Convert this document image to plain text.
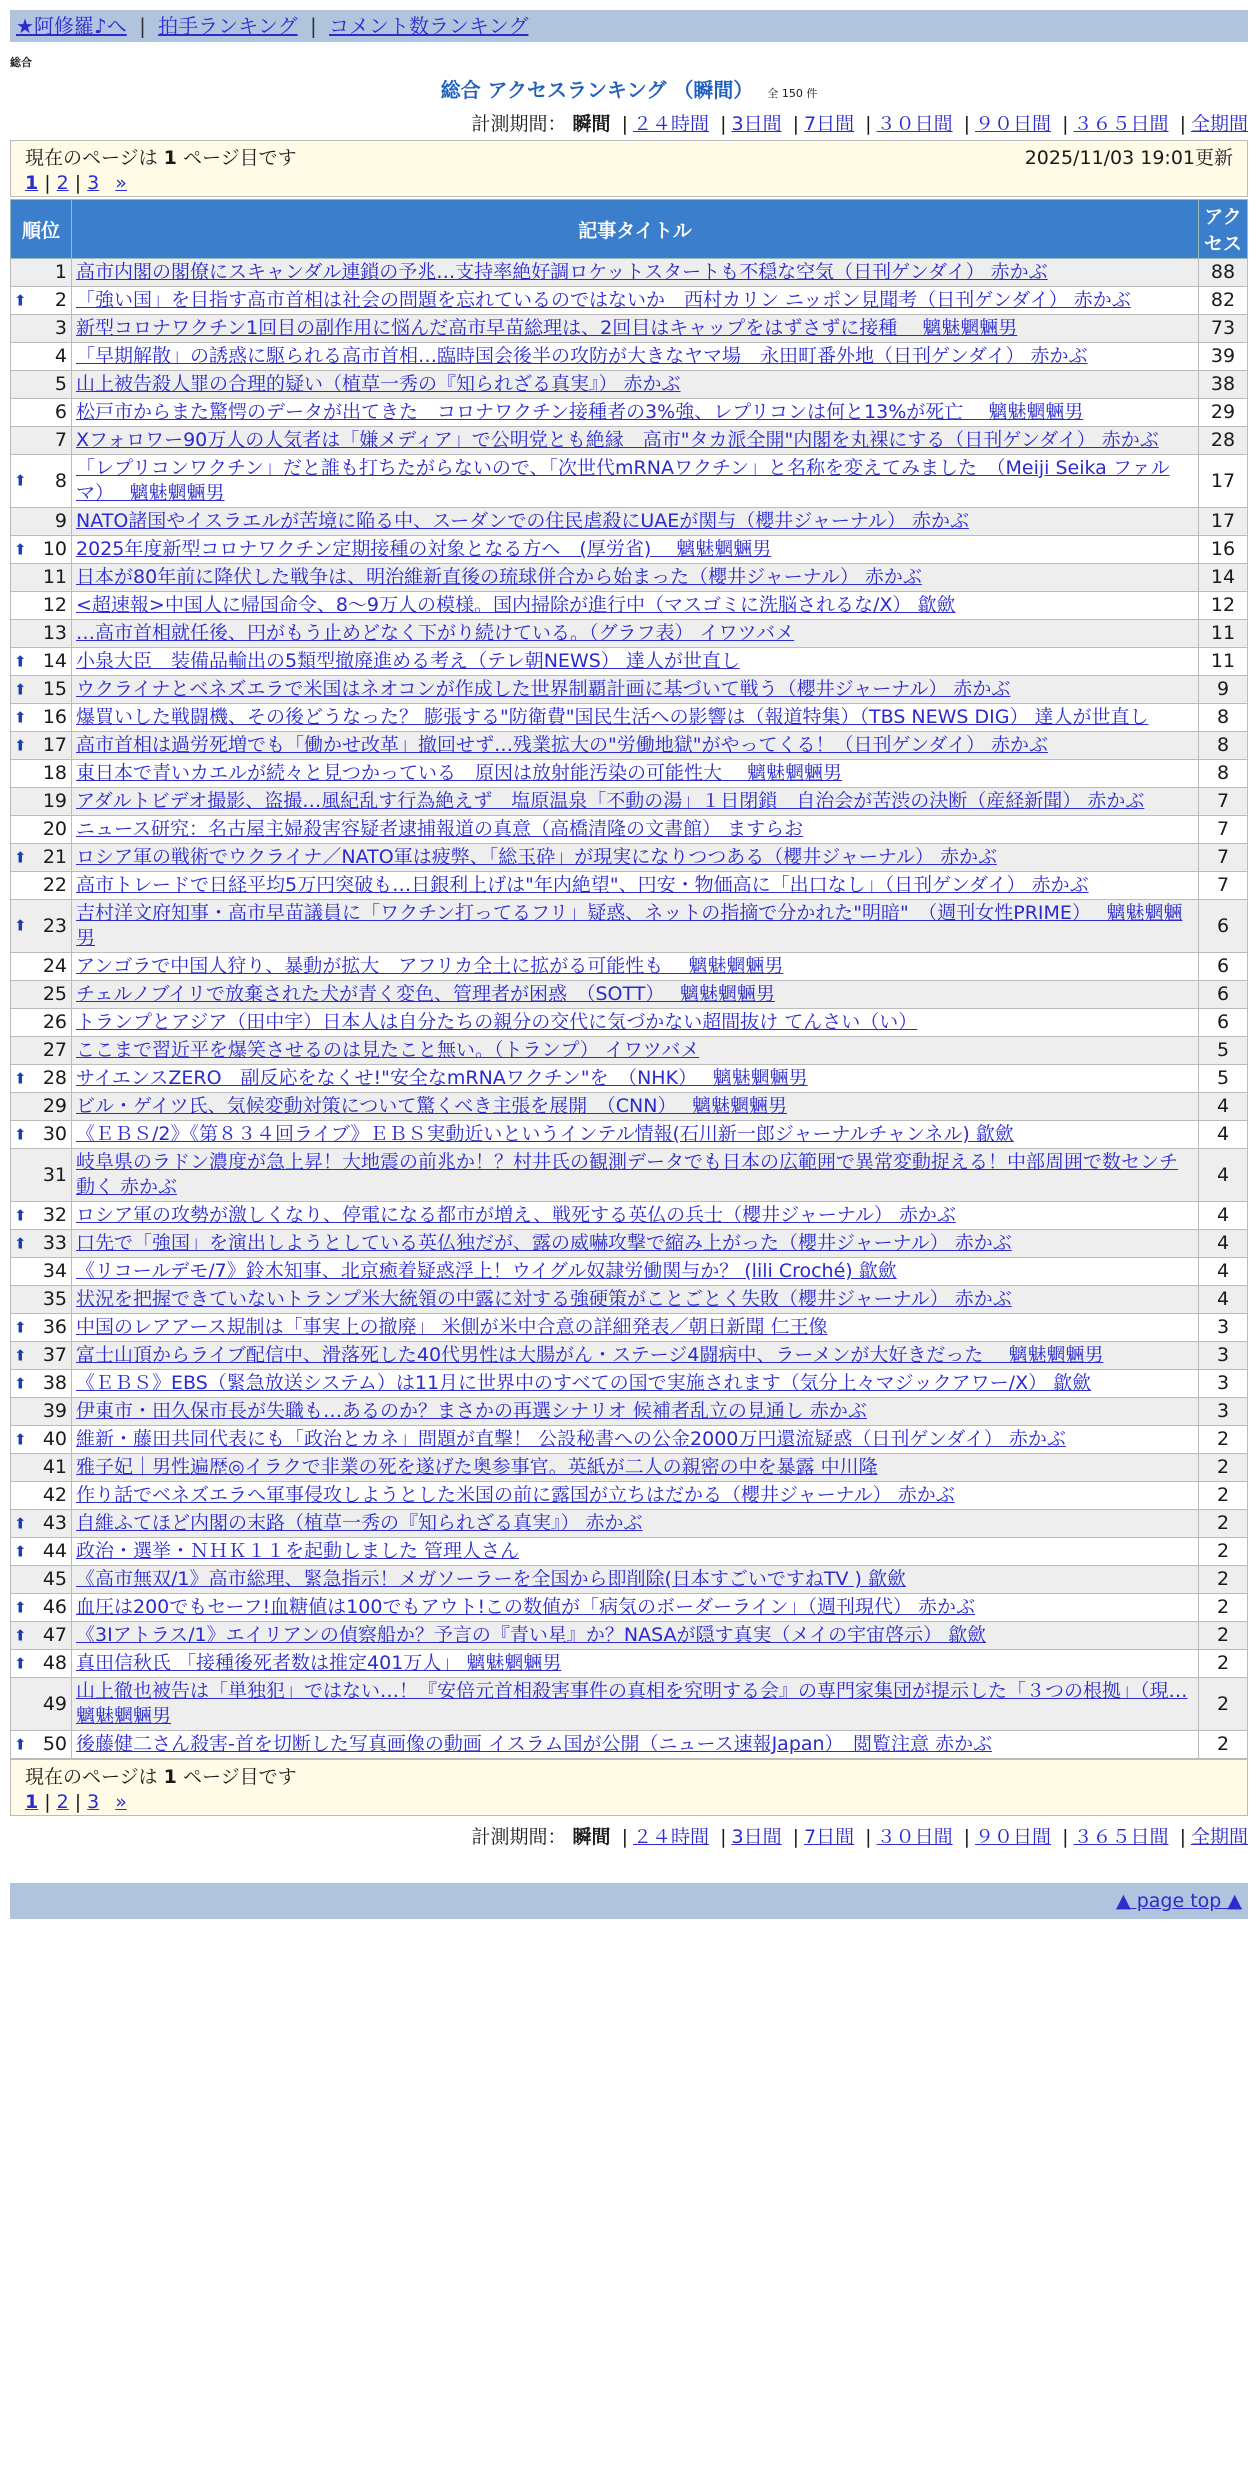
★阿修羅♪へ | 拍手ランキング | コメント数ランキング
総合
総合 アクセスランキング （瞬間） 全 150 件
計測期間： 瞬間 | ２４時間 | 3日間 | 7日間 | ３０日間 | ９０日間 | ３６５日間 | 全期間
現在のページは 1 ページ目です	2025/11/03 19:01更新
1 | 2 | 3 »
順位	記事タイトル	アクセス
1	高市内閣の閣僚にスキャンダル連鎖の予兆…支持率絶好調ロケットスタートも不穏な空気（日刊ゲンダイ） 赤かぶ	88

⬆ 2	「強い国」を目指す高市首相は社会の問題を忘れているのではないか　西村カリン ニッポン見聞考（日刊ゲンダイ） 赤かぶ	82
3	新型コロナワクチン1回目の副作用に悩んだ高市早苗総理は、2回目はキャップをはずさずに接種　 魑魅魍魎男	73
4	「早期解散」の誘惑に駆られる高市首相…臨時国会後半の攻防が大きなヤマ場　永田町番外地（日刊ゲンダイ） 赤かぶ	39
5	山上被告殺人罪の合理的疑い（植草一秀の『知られざる真実』） 赤かぶ	38
6	松戸市からまた驚愕のデータが出てきた　コロナワクチン接種者の3%強、レプリコンは何と13%が死亡　 魑魅魍魎男	29
7	Xフォロワー90万人の人気者は「嫌メディア」で公明党とも絶縁　高市"タカ派全開"内閣を丸裸にする（日刊ゲンダイ） 赤かぶ	28

⬆ 8	「レプリコンワクチン」だと誰も打ちたがらないので、「次世代mRNAワクチン」と名称を変えてみました　（Meiji Seika ファルマ）　 魑魅魍魎男	17
9	NATO諸国やイスラエルが苦境に陥る中、スーダンでの住民虐殺にUAEが関与（櫻井ジャーナル） 赤かぶ	17

⬆ 10	2025年度新型コロナワクチン定期接種の対象となる方へ　(厚労省)　 魑魅魍魎男	16
11	日本が80年前に降伏した戦争は、明治維新直後の琉球併合から始まった（櫻井ジャーナル） 赤かぶ	14
12	<超速報>中国人に帰国命令、8～9万人の模様。国内掃除が進行中（マスゴミに洗脳されるな/X） 歙歛	12
13	…高市首相就任後、円がもう止めどなく下がり続けている。（グラフ表） イワツバメ	11

⬆ 14	小泉大臣　装備品輸出の5類型撤廃進める考え（テレ朝NEWS） 達人が世直し	11

⬆ 15	ウクライナとベネズエラで米国はネオコンが作成した世界制覇計画に基づいて戦う（櫻井ジャーナル） 赤かぶ	9

⬆ 16	爆買いした戦闘機、その後どうなった？ 膨張する"防衛費"国民生活への影響は（報道特集）（TBS NEWS DIG） 達人が世直し	8

⬆ 17	高市首相は過労死増でも「働かせ改革」撤回せず…残業拡大の"労働地獄"がやってくる！（日刊ゲンダイ） 赤かぶ	8
18	東日本で青いカエルが続々と見つかっている　原因は放射能汚染の可能性大　 魑魅魍魎男	8
19	アダルトビデオ撮影、盗撮…風紀乱す行為絶えず　塩原温泉「不動の湯」１日閉鎖　自治会が苦渋の決断（産経新聞） 赤かぶ	7
20	ニュース研究：名古屋主婦殺害容疑者逮捕報道の真意（高橋清隆の文書館） ますらお	7

⬆ 21	ロシア軍の戦術でウクライナ／NATO軍は疲弊、「総玉砕」が現実になりつつある（櫻井ジャーナル） 赤かぶ	7
22	高市トレードで日経平均5万円突破も…日銀利上げは"年内絶望"、円安・物価高に「出口なし」（日刊ゲンダイ） 赤かぶ	7

⬆ 23	吉村洋文府知事・高市早苗議員に「ワクチン打ってるフリ」疑惑、ネットの指摘で分かれた"明暗"　（週刊女性PRIME）　 魑魅魍魎男	6
24	アンゴラで中国人狩り、暴動が拡大　アフリカ全土に拡がる可能性も　 魑魅魍魎男	6
25	チェルノブイリで放棄された犬が青く変色、管理者が困惑　（SOTT）　 魑魅魍魎男	6
26	トランプとアジア（田中宇）日本人は自分たちの親分の交代に気づかない超間抜け てんさい（い）	6
27	ここまで習近平を爆笑させるのは見たこと無い。（トランプ） イワツバメ	5

⬆ 28	サイエンスZERO　副反応をなくせ!"安全なmRNAワクチン"を　（NHK）　 魑魅魍魎男	5
29	ビル・ゲイツ氏、気候変動対策について驚くべき主張を展開　（CNN）　 魑魅魍魎男	4

⬆ 30	《ＥＢＳ/2》《第８３４回ライブ》ＥＢＳ実動近いというインテル情報(石川新一郎ジャーナルチャンネル) 歙歛	4
31	岐阜県のラドン濃度が急上昇！大地震の前兆か！？村井氏の観測データでも日本の広範囲で異常変動捉える！中部周囲で数センチ動く 赤かぶ	4

⬆ 32	ロシア軍の攻勢が激しくなり、停電になる都市が増え、戦死する英仏の兵士（櫻井ジャーナル） 赤かぶ	4

⬆ 33	口先で「強国」を演出しようとしている英仏独だが、露の威嚇攻撃で縮み上がった（櫻井ジャーナル） 赤かぶ	4
34	《リコールデモ/7》鈴木知事、北京癒着疑惑浮上！ウイグル奴隷労働関与か？ (lili Croché) 歙歛	4
35	状況を把握できていないトランプ米大統領の中露に対する強硬策がことごとく失敗（櫻井ジャーナル） 赤かぶ	4

⬆ 36	中国のレアアース規制は「事実上の撤廃」 米側が米中合意の詳細発表／朝日新聞 仁王像	3

⬆ 37	富士山頂からライブ配信中、滑落死した40代男性は大腸がん・ステージ4闘病中、ラーメンが大好きだった　 魑魅魍魎男	3

⬆ 38	《ＥＢＳ》EBS（緊急放送システム）は11月に世界中のすべての国で実施されます（気分上々マジックアワー/X） 歙歛	3
39	伊東市・田久保市長が失職も…あるのか？まさかの再選シナリオ 候補者乱立の見通し 赤かぶ	3

⬆ 40	維新・藤田共同代表にも「政治とカネ」問題が直撃！ 公設秘書への公金2000万円還流疑惑（日刊ゲンダイ） 赤かぶ	2
41	雅子妃｜男性遍歴◎イラクで非業の死を遂げた奥参事官。英紙が二人の親密の中を暴露 中川隆	2
42	作り話でベネズエラへ軍事侵攻しようとした米国の前に露国が立ちはだかる（櫻井ジャーナル） 赤かぶ	2

⬆ 43	自維ふてほど内閣の末路（植草一秀の『知られざる真実』） 赤かぶ	2

⬆ 44	政治・選挙・ＮＨＫ１１を起動しました 管理人さん	2
45	《高市無双/1》高市総理、緊急指示！メガソーラーを全国から即削除(日本すごいですねTV ) 歙歛	2

⬆ 46	血圧は200でもセーフ!血糖値は100でもアウト!この数値が「病気のボーダーライン」（週刊現代） 赤かぶ	2

⬆ 47	《3Iアトラス/1》エイリアンの偵察船か？予言の『青い星』か？NASAが隠す真実（メイの宇宙啓示） 歙歛	2

⬆ 48	真田信秋氏 「接種後死者数は推定401万人」 魑魅魍魎男	2
49	山上徹也被告は「単独犯」ではない…！『安倍元首相殺害事件の真相を究明する会』の専門家集団が提示した「３つの根拠」（現… 魑魅魍魎男	2

⬆ 50	後藤健二さん殺害-首を切断した写真画像の動画 イスラム国が公開（ニュース速報Japan）　閲覧注意 赤かぶ	2
現在のページは 1 ページ目です
1 | 2 | 3 »
計測期間： 瞬間 | ２４時間 | 3日間 | 7日間 | ３０日間 | ９０日間 | ３６５日間 | 全期間
▲ page top ▲
